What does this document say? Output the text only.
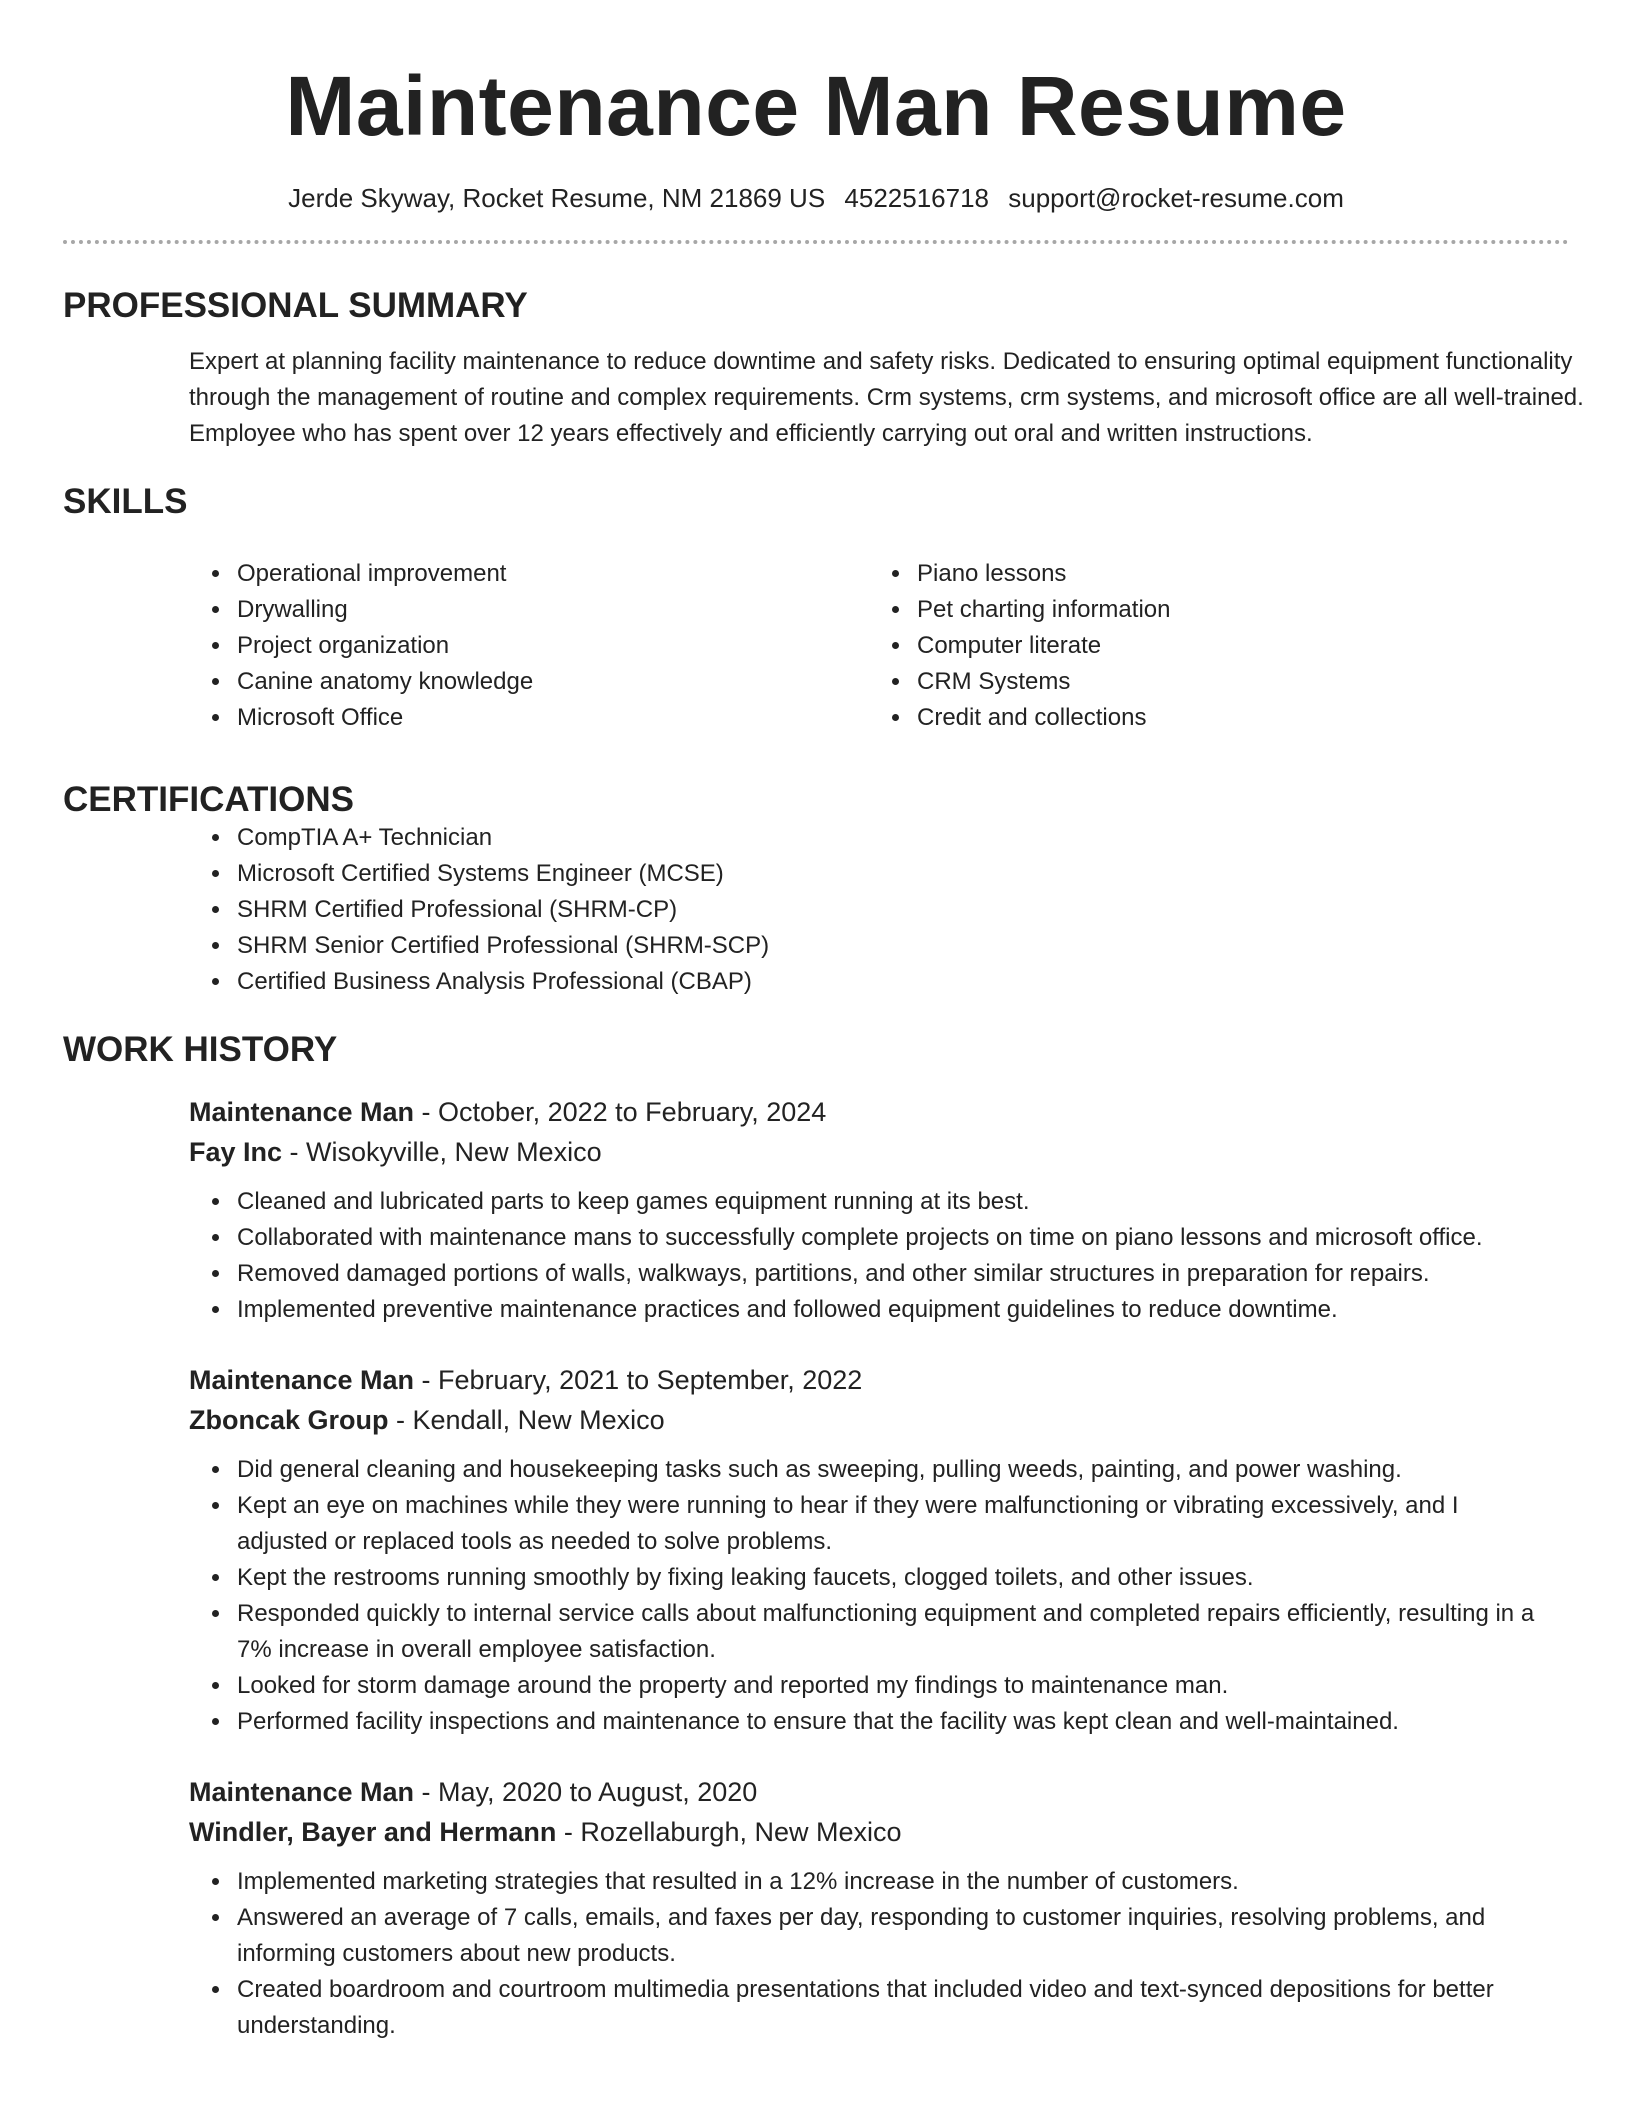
Maintenance Man Resume
Jerde Skyway, Rocket Resume, NM 21869 US 4522516718 support@rocket-resume.com
PROFESSIONAL SUMMARY

Expert at planning facility maintenance to reduce downtime and safety risks. Dedicated to ensuring optimal equipment functionality through the management of routine and complex requirements. Crm systems, crm systems, and microsoft office are all well-trained. Employee who has spent over 12 years effectively and efficiently carrying out oral and written instructions.

SKILLS
• Operational improvement
• Drywalling
• Project organization
• Canine anatomy knowledge
• Microsoft Office
• Piano lessons
• Pet charting information
• Computer literate
• CRM Systems
• Credit and collections
CERTIFICATIONS
• CompTIA A+ Technician
• Microsoft Certified Systems Engineer (MCSE)
• SHRM Certified Professional (SHRM-CP)
• SHRM Senior Certified Professional (SHRM-SCP)
• Certified Business Analysis Professional (CBAP)
WORK HISTORY
Maintenance Man - October, 2022 to February, 2024
Fay Inc - Wisokyville, New Mexico
• Cleaned and lubricated parts to keep games equipment running at its best.
• Collaborated with maintenance mans to successfully complete projects on time on piano lessons and microsoft office.
• Removed damaged portions of walls, walkways, partitions, and other similar structures in preparation for repairs.
• Implemented preventive maintenance practices and followed equipment guidelines to reduce downtime.
Maintenance Man - February, 2021 to September, 2022
Zboncak Group - Kendall, New Mexico
• Did general cleaning and housekeeping tasks such as sweeping, pulling weeds, painting, and power washing.
• Kept an eye on machines while they were running to hear if they were malfunctioning or vibrating excessively, and I adjusted or replaced tools as needed to solve problems.
• Kept the restrooms running smoothly by fixing leaking faucets, clogged toilets, and other issues.
• Responded quickly to internal service calls about malfunctioning equipment and completed repairs efficiently, resulting in a 7% increase in overall employee satisfaction.
• Looked for storm damage around the property and reported my findings to maintenance man.
• Performed facility inspections and maintenance to ensure that the facility was kept clean and well-maintained.
Maintenance Man - May, 2020 to August, 2020
Windler, Bayer and Hermann - Rozellaburgh, New Mexico
• Implemented marketing strategies that resulted in a 12% increase in the number of customers.
• Answered an average of 7 calls, emails, and faxes per day, responding to customer inquiries, resolving problems, and informing customers about new products.
• Created boardroom and courtroom multimedia presentations that included video and text-synced depositions for better understanding.
